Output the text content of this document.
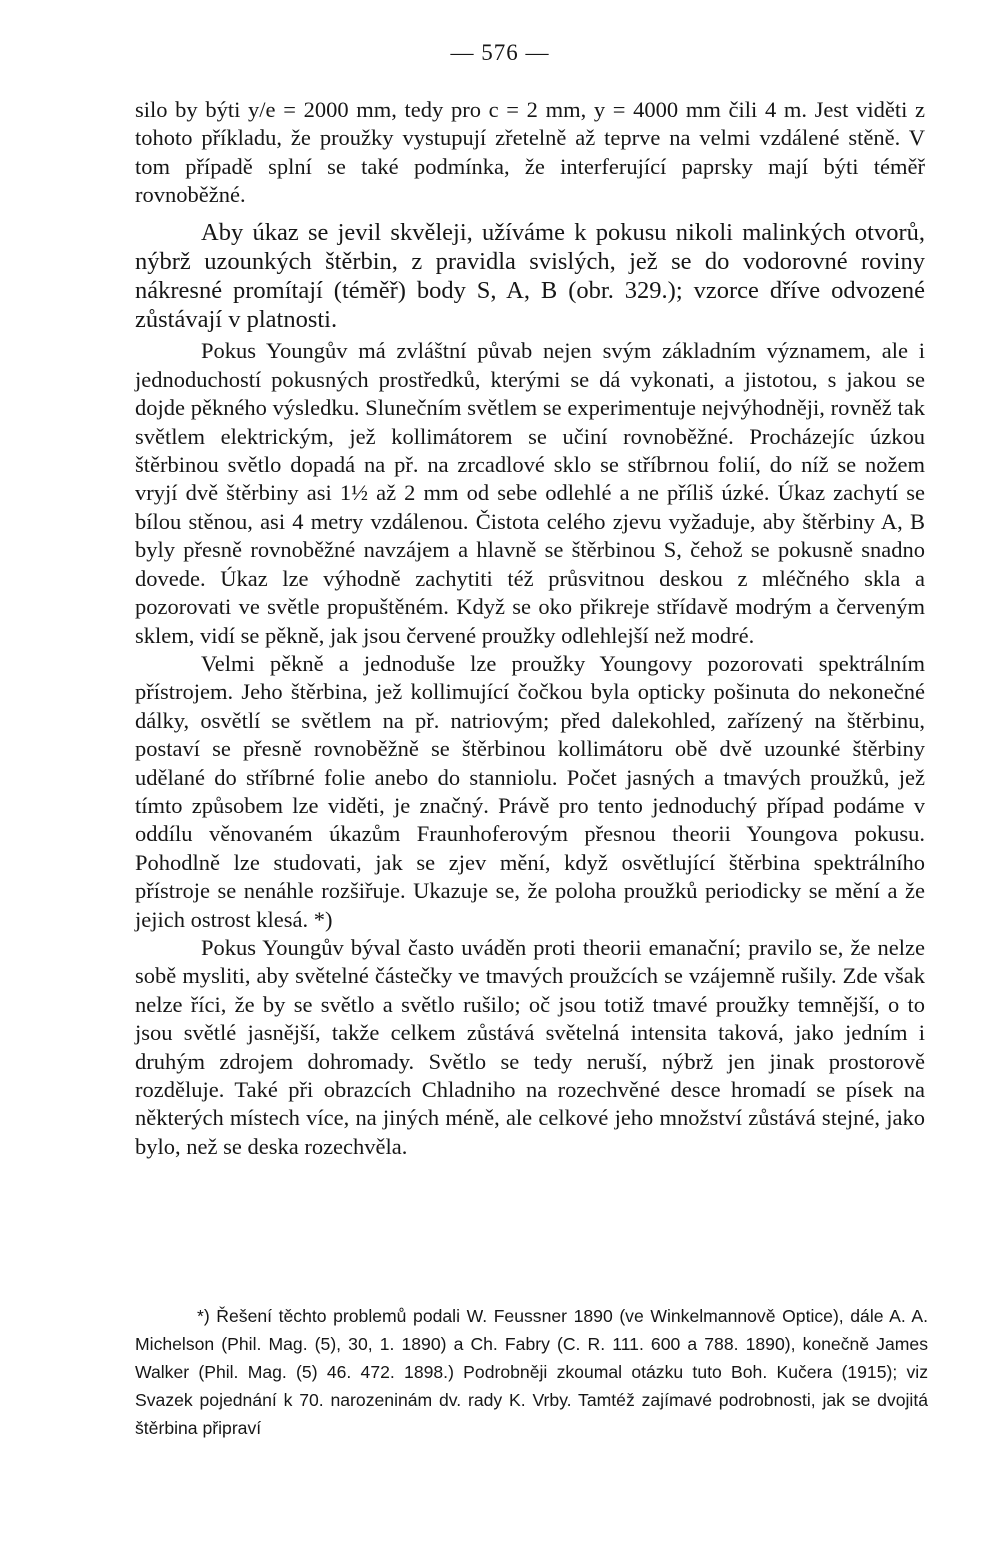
— 576 —

silo by býti y/e = 2000 mm, tedy pro c = 2 mm, y = 4000 mm čili 4 m. Jest viděti z tohoto příkladu, že proužky vystupují zřetelně až teprve na velmi vzdálené stěně. V tom případě splní se také podmínka, že interferující paprsky mají býti téměř rovnoběžné.

Aby úkaz se jevil skvěleji, užíváme k pokusu nikoli malinkých otvorů, nýbrž uzounkých štěrbin, z pravidla svislých, jež se do vodorovné roviny nákresné promítají (téměř) body S, A, B (obr. 329.); vzorce dříve odvozené zůstávají v platnosti.

Pokus Youngův má zvláštní půvab nejen svým základním významem, ale i jednoduchostí pokusných prostředků, kterými se dá vykonati, a jistotou, s jakou se dojde pěkného výsledku. Slunečním světlem se experimentuje nejvýhodněji, rovněž tak světlem elektrickým, jež kollimátorem se učiní rovnoběžné. Procházejíc úzkou štěrbinou světlo dopadá na př. na zrcadlové sklo se stříbrnou folií, do níž se nožem vryjí dvě štěrbiny asi 1½ až 2 mm od sebe odlehlé a ne příliš úzké. Úkaz zachytí se bílou stěnou, asi 4 metry vzdálenou. Čistota celého zjevu vyžaduje, aby štěrbiny A, B byly přesně rovnoběžné navzájem a hlavně se štěrbinou S, čehož se pokusně snadno dovede. Úkaz lze výhodně zachytiti též průsvitnou deskou z mléčného skla a pozorovati ve světle propuštěném. Když se oko přikreje střídavě modrým a červeným sklem, vidí se pěkně, jak jsou červené proužky odlehlejší než modré.

Velmi pěkně a jednoduše lze proužky Youngovy pozorovati spektrálním přístrojem. Jeho štěrbina, jež kollimující čočkou byla opticky pošinuta do nekonečné dálky, osvětlí se světlem na př. natriovým; před dalekohled, zařízený na štěrbinu, postaví se přesně rovnoběžně se štěrbinou kollimátoru obě dvě uzounké štěrbiny udělané do stříbrné folie anebo do stanniolu. Počet jasných a tmavých proužků, jež tímto způsobem lze viděti, je značný. Právě pro tento jednoduchý případ podáme v oddílu věnovaném úkazům Fraunhoferovým přesnou theorii Youngova pokusu. Pohodlně lze studovati, jak se zjev mění, když osvětlující štěrbina spektrálního přístroje se nenáhle rozšiřuje. Ukazuje se, že poloha proužků periodicky se mění a že jejich ostrost klesá. *)

Pokus Youngův býval často uváděn proti theorii emanační; pravilo se, že nelze sobě mysliti, aby světelné částečky ve tmavých proužcích se vzájemně rušily. Zde však nelze říci, že by se světlo a světlo rušilo; oč jsou totiž tmavé proužky temnější, o to jsou světlé jasnější, takže celkem zůstává světelná intensita taková, jako jedním i druhým zdrojem dohromady. Světlo se tedy neruší, nýbrž jen jinak prostorově rozděluje. Také při obrazcích Chladniho na rozechvěné desce hromadí se písek na některých místech více, na jiných méně, ale celkové jeho množství zůstává stejné, jako bylo, než se deska rozechvěla.

*) Řešení těchto problemů podali W. Feussner 1890 (ve Winkelmannově Optice), dále A. A. Michelson (Phil. Mag. (5), 30, 1. 1890) a Ch. Fabry (C. R. 111. 600 a 788. 1890), konečně James Walker (Phil. Mag. (5) 46. 472. 1898.) Podrobněji zkoumal otázku tuto Boh. Kučera (1915); viz Svazek pojednání k 70. narozeninám dv. rady K. Vrby. Tamtéž zajímavé podrobnosti, jak se dvojitá štěrbina připraví
